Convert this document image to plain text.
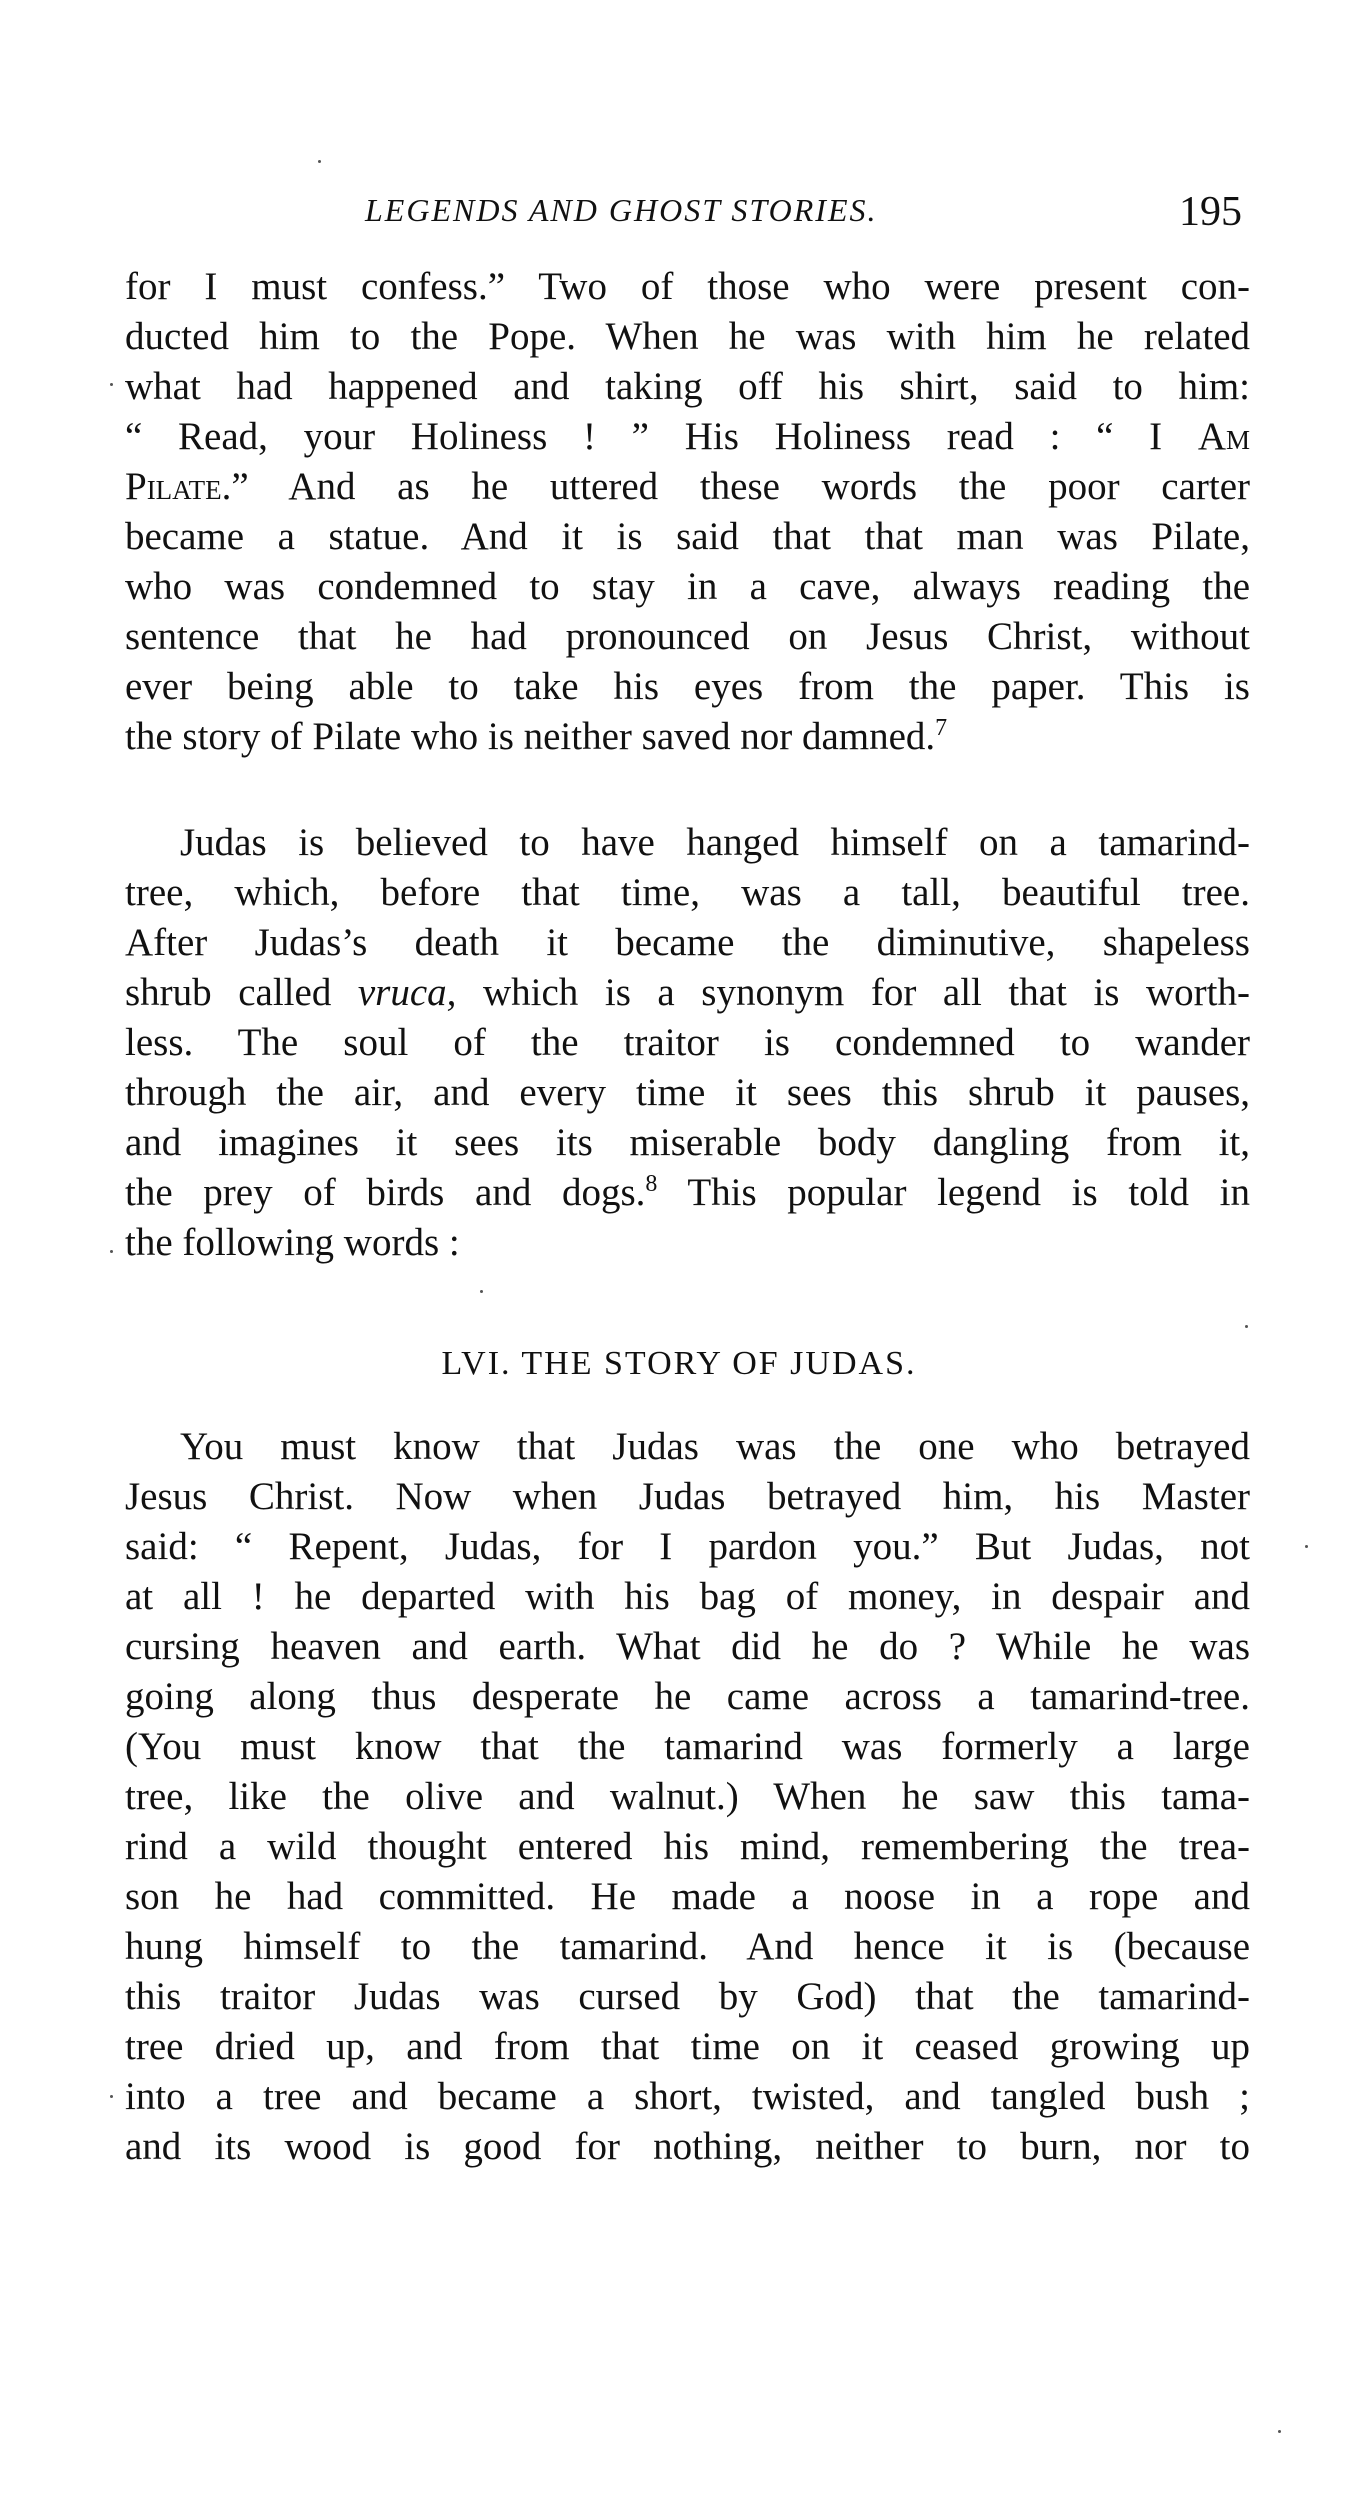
LEGENDS AND GHOST STORIES.	195
for I must confess.” Two of those who were present con-
ducted him to the Pope. When he was with him he related
what had happened and taking off his shirt, said to him:
“ Read, your Holiness ! ” His Holiness read : “ I Am
Pilate.” And as he uttered these words the poor carter
became a statue. And it is said that that man was Pilate,
who was condemned to stay in a cave, always reading the
sentence that he had pronounced on Jesus Christ, without
ever being able to take his eyes from the paper. This is
the story of Pilate who is neither saved nor damned.$^7$
Judas is believed to have hanged himself on a tamarind-
tree, which, before that time, was a tall, beautiful tree.
After Judas’s death it became the diminutive, shapeless
shrub called vruca, which is a synonym for all that is worth-
less. The soul of the traitor is condemned to wander
through the air, and every time it sees this shrub it pauses,
and imagines it sees its miserable body dangling from it,
the prey of birds and dogs.$^8$ This popular legend is told in
the following words :
LVI. THE STORY OF JUDAS.
You must know that Judas was the one who betrayed
Jesus Christ. Now when Judas betrayed him, his Master
said: “ Repent, Judas, for I pardon you.” But Judas, not
at all ! he departed with his bag of money, in despair and
cursing heaven and earth. What did he do ? While he was
going along thus desperate he came across a tamarind-tree.
(You must know that the tamarind was formerly a large
tree, like the olive and walnut.) When he saw this tama-
rind a wild thought entered his mind, remembering the trea-
son he had committed. He made a noose in a rope and
hung himself to the tamarind. And hence it is (because
this traitor Judas was cursed by God) that the tamarind-
tree dried up, and from that time on it ceased growing up
into a tree and became a short, twisted, and tangled bush ;
and its wood is good for nothing, neither to burn, nor to
